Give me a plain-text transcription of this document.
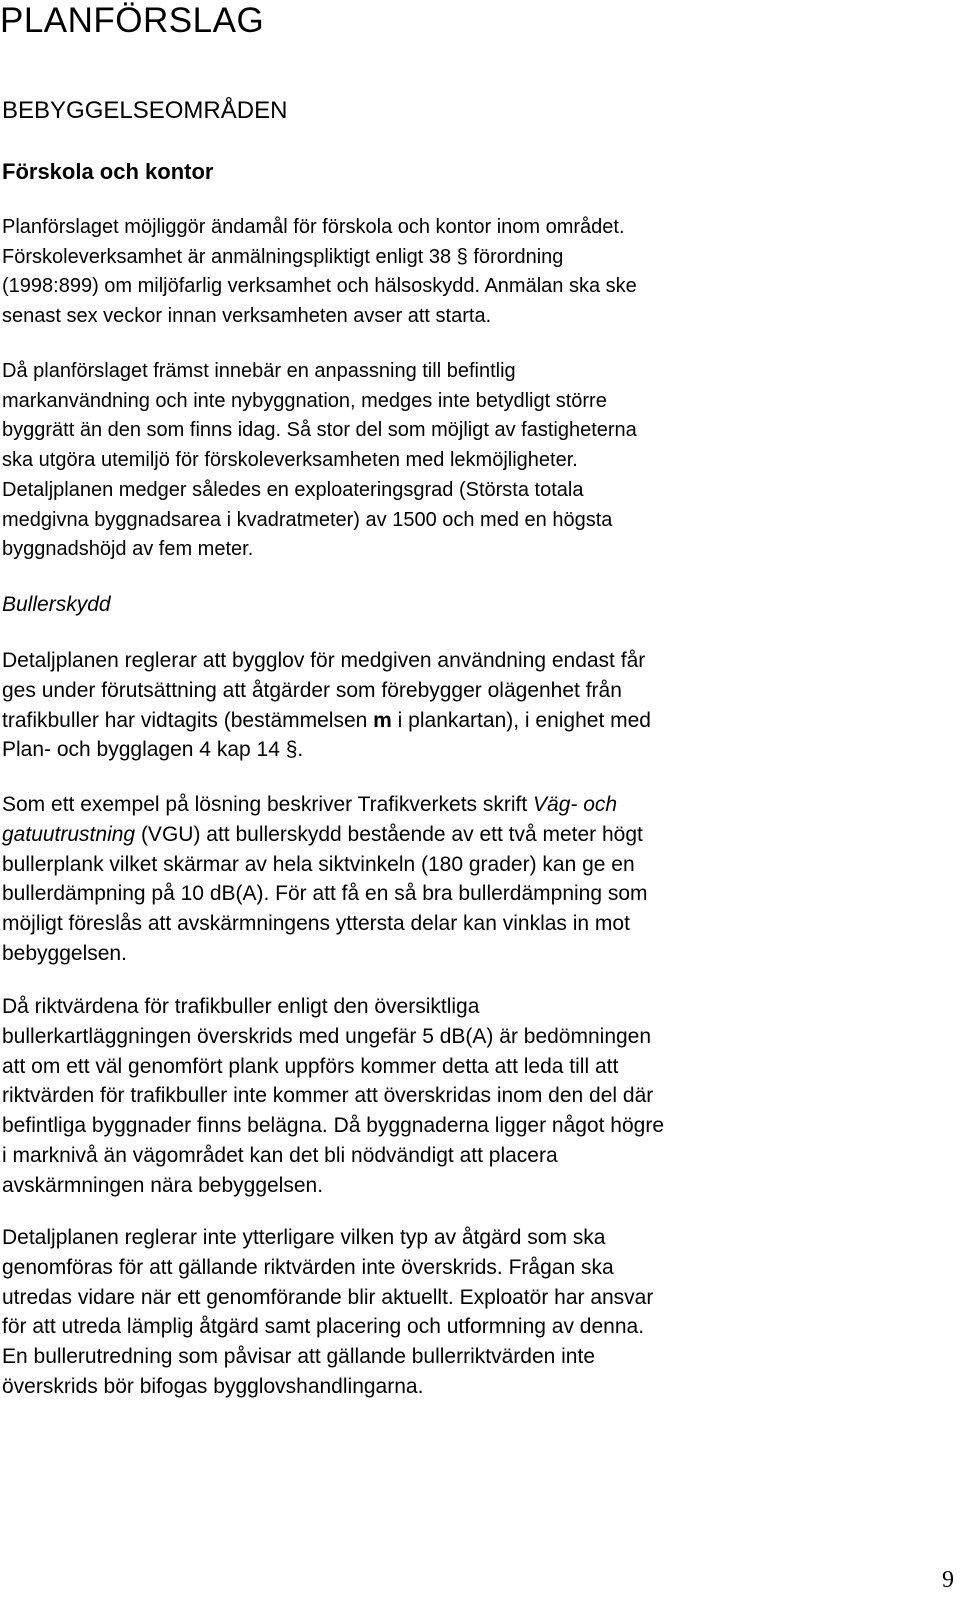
PLANFÖRSLAG
BEBYGGELSEOMRÅDEN
Förskola och kontor

Planförslaget möjliggör ändamål för förskola och kontor inom området.
Förskoleverksamhet är anmälningspliktigt enligt 38 § förordning
(1998:899) om miljöfarlig verksamhet och hälsoskydd. Anmälan ska ske
senast sex veckor innan verksamheten avser att starta.

Då planförslaget främst innebär en anpassning till befintlig
markanvändning och inte nybyggnation, medges inte betydligt större
byggrätt än den som finns idag. Så stor del som möjligt av fastigheterna
ska utgöra utemiljö för förskoleverksamheten med lekmöjligheter.
Detaljplanen medger således en exploateringsgrad (Största totala
medgivna byggnadsarea i kvadratmeter) av 1500 och med en högsta
byggnadshöjd av fem meter.

Bullerskydd

Detaljplanen reglerar att bygglov för medgiven användning endast får
ges under förutsättning att åtgärder som förebygger olägenhet från
trafikbuller har vidtagits (bestämmelsen m i plankartan), i enighet med
Plan- och bygglagen 4 kap 14 §.

Som ett exempel på lösning beskriver Trafikverkets skrift Väg- och
gatuutrustning (VGU) att bullerskydd bestående av ett två meter högt
bullerplank vilket skärmar av hela siktvinkeln (180 grader) kan ge en
bullerdämpning på 10 dB(A). För att få en så bra bullerdämpning som
möjligt föreslås att avskärmningens yttersta delar kan vinklas in mot
bebyggelsen.

Då riktvärdena för trafikbuller enligt den översiktliga
bullerkartläggningen överskrids med ungefär 5 dB(A) är bedömningen
att om ett väl genomfört plank uppförs kommer detta att leda till att
riktvärden för trafikbuller inte kommer att överskridas inom den del där
befintliga byggnader finns belägna. Då byggnaderna ligger något högre
i marknivå än vägområdet kan det bli nödvändigt att placera
avskärmningen nära bebyggelsen.

Detaljplanen reglerar inte ytterligare vilken typ av åtgärd som ska
genomföras för att gällande riktvärden inte överskrids. Frågan ska
utredas vidare när ett genomförande blir aktuellt. Exploatör har ansvar
för att utreda lämplig åtgärd samt placering och utformning av denna.
En bullerutredning som påvisar att gällande bullerriktvärden inte
överskrids bör bifogas bygglovshandlingarna.

9
